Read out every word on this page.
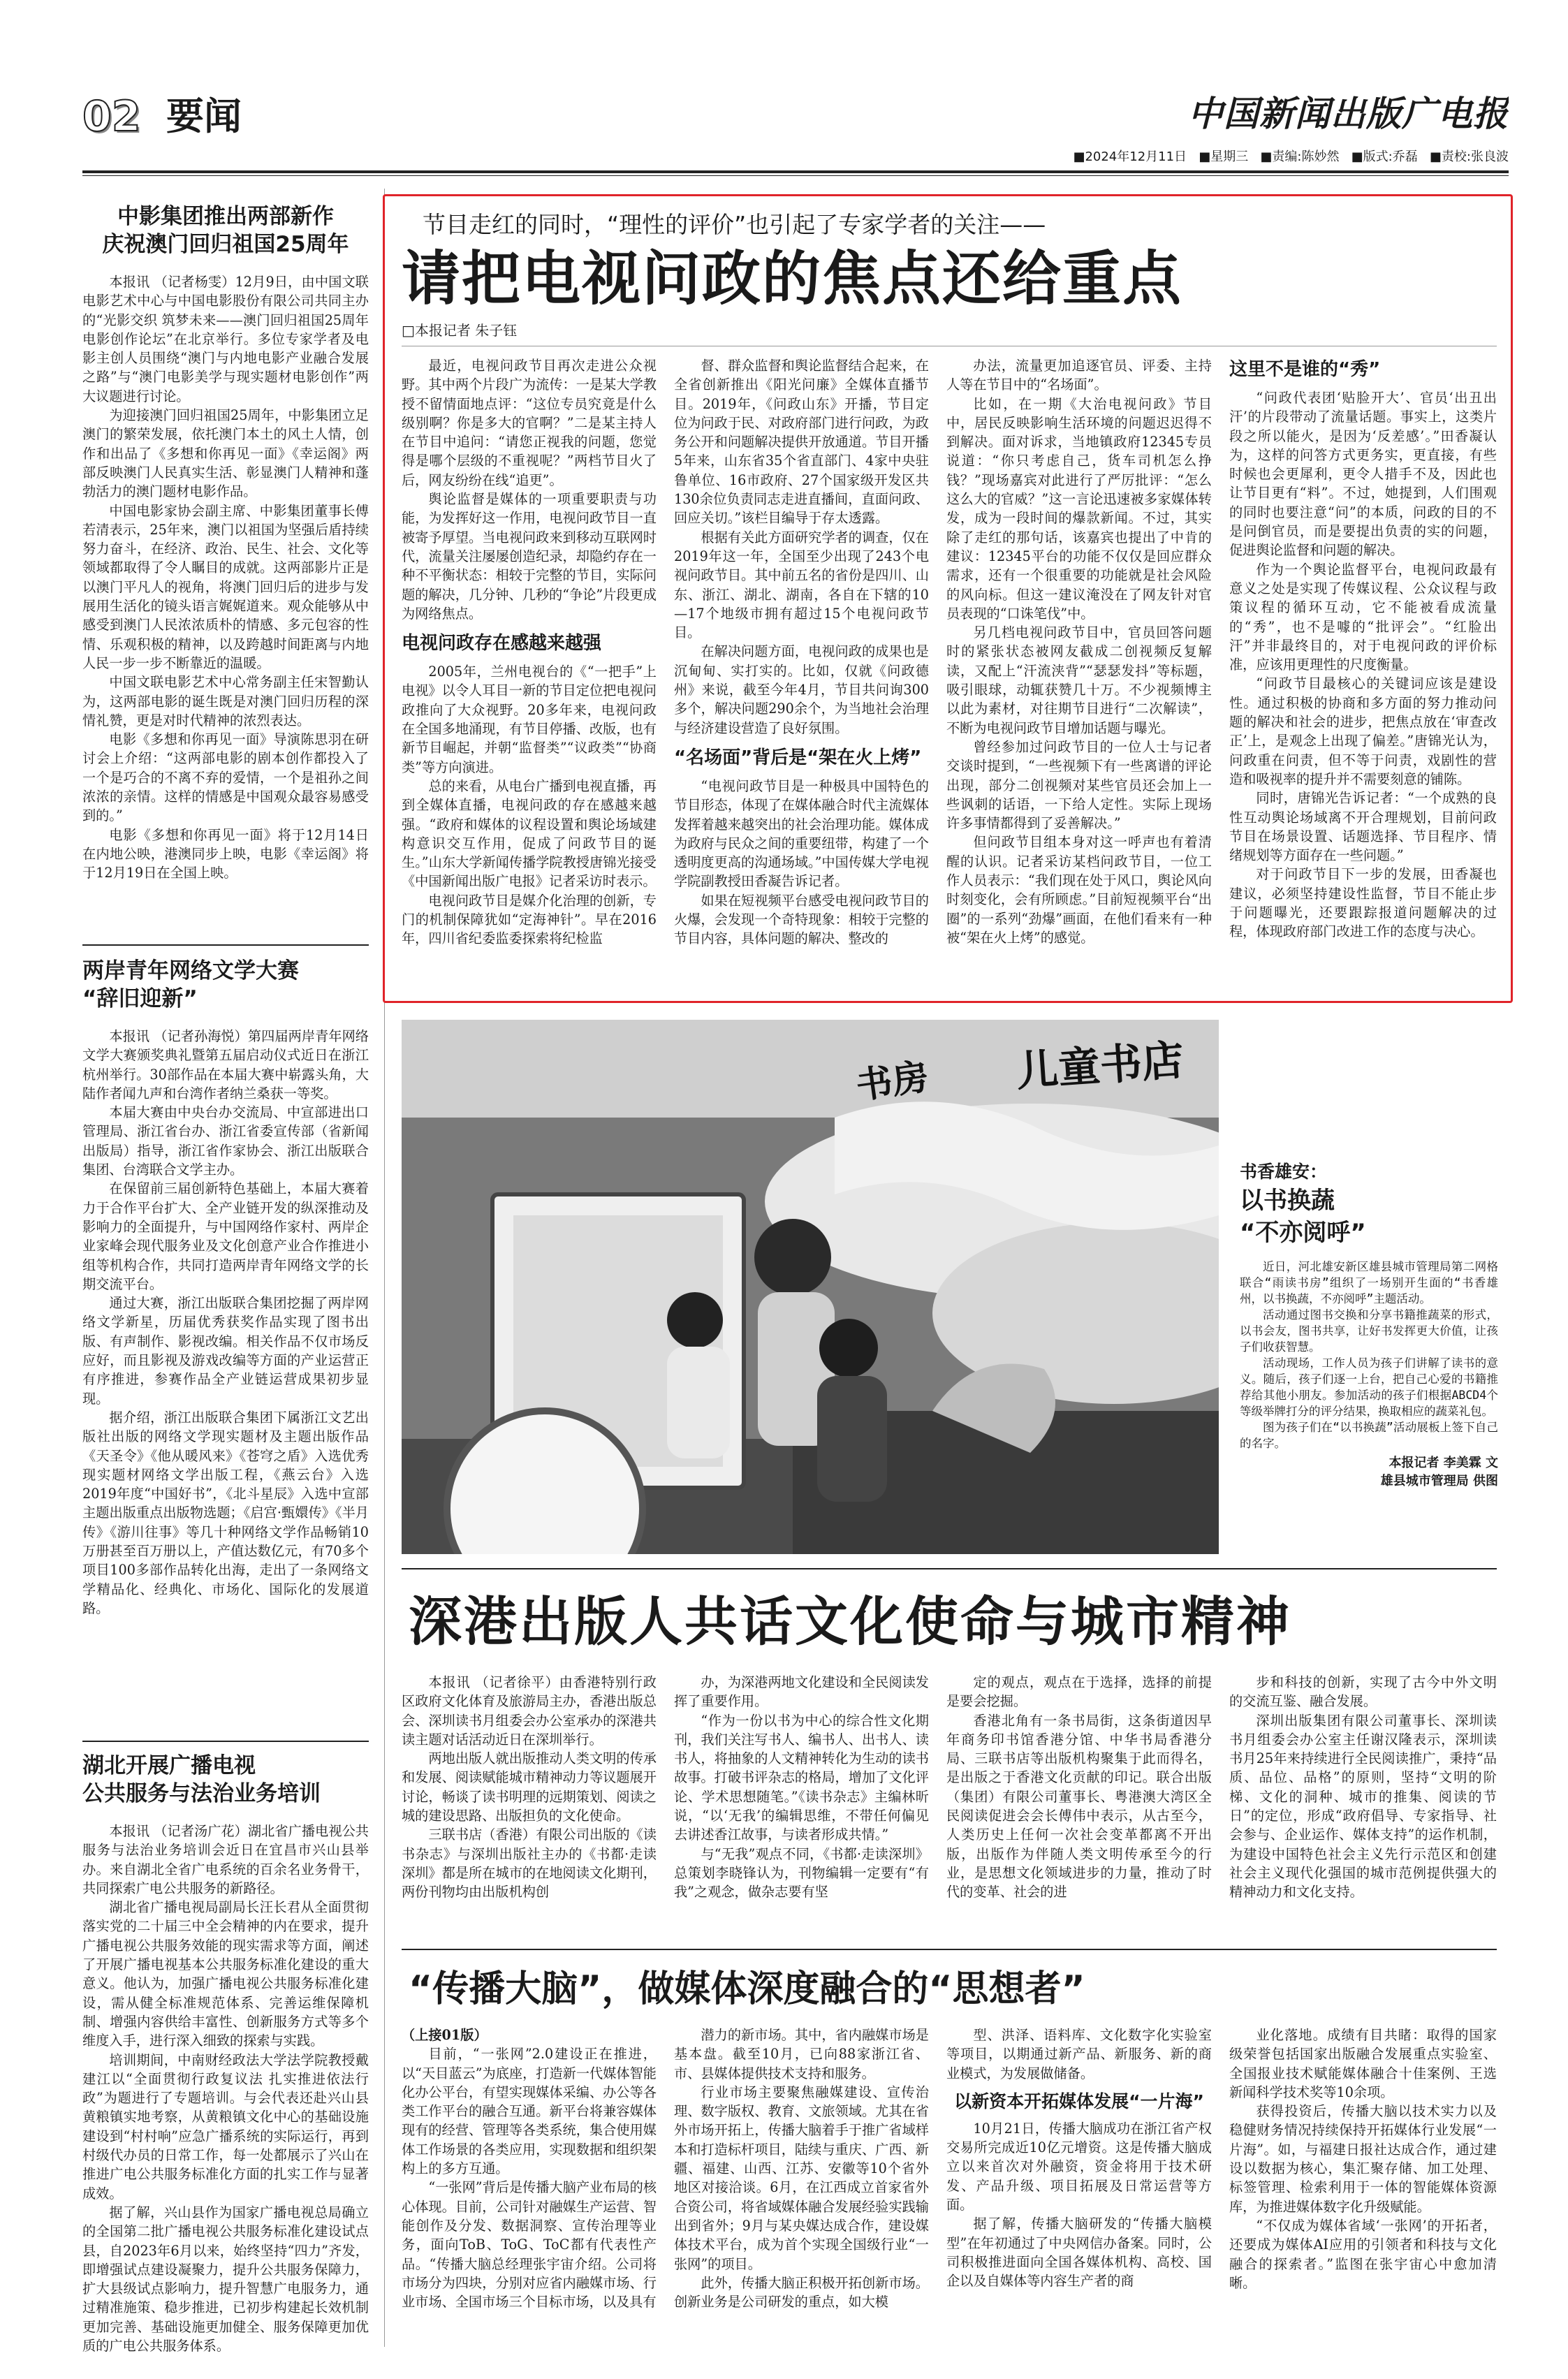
02 要闻	中国新闻出版广电报
■2024年12月11日 ■星期三 ■责编:陈妙然 ■版式:乔磊 ■责校:张良波
中影集团推出两部新作
庆祝澳门回归祖国25周年
本报讯 （记者杨雯）12月9日，由中国文联电影艺术中心与中国电影股份有限公司共同主办的“光影交织 筑梦未来——澳门回归祖国25周年电影创作论坛”在北京举行。多位专家学者及电影主创人员围绕“澳门与内地电影产业融合发展之路”与“澳门电影美学与现实题材电影创作”两大议题进行讨论。
为迎接澳门回归祖国25周年，中影集团立足澳门的繁荣发展，依托澳门本土的风土人情，创作和出品了《多想和你再见一面》《幸运阁》两部反映澳门人民真实生活、彰显澳门人精神和蓬勃活力的澳门题材电影作品。
中国电影家协会副主席、中影集团董事长傅若清表示，25年来，澳门以祖国为坚强后盾持续努力奋斗，在经济、政治、民生、社会、文化等领域都取得了令人瞩目的成就。这两部影片正是以澳门平凡人的视角，将澳门回归后的进步与发展用生活化的镜头语言娓娓道来。观众能够从中感受到澳门人民浓浓质朴的情感、多元包容的性情、乐观积极的精神，以及跨越时间距离与内地人民一步一步不断靠近的温暖。
中国文联电影艺术中心常务副主任宋智勤认为，这两部电影的诞生既是对澳门回归历程的深情礼赞，更是对时代精神的浓烈表达。
电影《多想和你再见一面》导演陈思羽在研讨会上介绍：“这两部电影的剧本创作都投入了一个是巧合的不离不弃的爱情，一个是祖孙之间浓浓的亲情。这样的情感是中国观众最容易感受到的。”
电影《多想和你再见一面》将于12月14日在内地公映，港澳同步上映，电影《幸运阁》将于12月19日在全国上映。
两岸青年网络文学大赛
“辞旧迎新”
本报讯 （记者孙海悦）第四届两岸青年网络文学大赛颁奖典礼暨第五届启动仪式近日在浙江杭州举行。30部作品在本届大赛中崭露头角，大陆作者闻九声和台湾作者纳兰桑获一等奖。
本届大赛由中央台办交流局、中宣部进出口管理局、浙江省台办、浙江省委宣传部（省新闻出版局）指导，浙江省作家协会、浙江出版联合集团、台湾联合文学主办。
在保留前三届创新特色基础上，本届大赛着力于合作平台扩大、全产业链开发的纵深推动及影响力的全面提升，与中国网络作家村、两岸企业家峰会现代服务业及文化创意产业合作推进小组等机构合作，共同打造两岸青年网络文学的长期交流平台。
通过大赛，浙江出版联合集团挖掘了两岸网络文学新星，历届优秀获奖作品实现了图书出版、有声制作、影视改编。相关作品不仅市场反应好，而且影视及游戏改编等方面的产业运营正有序推进，参赛作品全产业链运营成果初步显现。
据介绍，浙江出版联合集团下属浙江文艺出版社出版的网络文学现实题材及主题出版作品《天圣令》《他从暖风来》《苍穹之盾》入选优秀现实题材网络文学出版工程，《燕云台》入选2019年度“中国好书”，《北斗星辰》入选中宣部主题出版重点出版物选题；《启宫·甄嬛传》《半月传》《游川往事》等几十种网络文学作品畅销10万册甚至百万册以上，产值达数亿元，有70多个项目100多部作品转化出海，走出了一条网络文学精品化、经典化、市场化、国际化的发展道路。
湖北开展广播电视
公共服务与法治业务培训
本报讯 （记者汤广花）湖北省广播电视公共服务与法治业务培训会近日在宜昌市兴山县举办。来自湖北全省广电系统的百余名业务骨干，共同探索广电公共服务的新路径。
湖北省广播电视局副局长汪长君从全面贯彻落实党的二十届三中全会精神的内在要求，提升广播电视公共服务效能的现实需求等方面，阐述了开展广播电视基本公共服务标准化建设的重大意义。他认为，加强广播电视公共服务标准化建设，需从健全标准规范体系、完善运维保障机制、增强内容供给丰富性、创新服务方式等多个维度入手，进行深入细致的探索与实践。
培训期间，中南财经政法大学法学院教授戴建江以“全面贯彻行政复议法 扎实推进依法行政”为题进行了专题培训。与会代表还赴兴山县黄粮镇实地考察，从黄粮镇文化中心的基础设施建设到“村村响”应急广播系统的实际运行，再到村级代办员的日常工作，每一处都展示了兴山在推进广电公共服务标准化方面的扎实工作与显著成效。
据了解，兴山县作为国家广播电视总局确立的全国第二批广播电视公共服务标准化建设试点县，自2023年6月以来，始终坚持“四力”齐发，即增强试点建设凝聚力，提升公共服务保障力，扩大县级试点影响力，提升智慧广电服务力，通过精准施策、稳步推进，已初步构建起长效机制更加完善、基础设施更加健全、服务保障更加优质的广电公共服务体系。
节目走红的同时，“理性的评价”也引起了专家学者的关注——
请把电视问政的焦点还给重点
□本报记者 朱子钰
最近，电视问政节目再次走进公众视野。其中两个片段广为流传：一是某大学教授不留情面地点评：“这位专员究竟是什么级别啊？你是多大的官啊？”二是某主持人在节目中追问：“请您正视我的问题，您觉得是哪个层级的不重视呢？”两档节目火了后，网友纷纷在线“追更”。
舆论监督是媒体的一项重要职责与功能，为发挥好这一作用，电视问政节目一直被寄予厚望。当电视问政来到移动互联网时代，流量关注屡屡创造纪录，却隐约存在一种不平衡状态：相较于完整的节目，实际问题的解决，几分钟、几秒的“争论”片段更成为网络焦点。
电视问政存在感越来越强
2005年，兰州电视台的《“一把手”上电视》以令人耳目一新的节目定位把电视问政推向了大众视野。20多年来，电视问政在全国多地涌现，有节目停播、改版，也有新节目崛起，并朝“监督类”“议政类”“协商类”等方向演进。
总的来看，从电台广播到电视直播，再到全媒体直播，电视问政的存在感越来越强。“政府和媒体的议程设置和舆论场域建构意识交互作用，促成了问政节目的诞生。”山东大学新闻传播学院教授唐锦光接受《中国新闻出版广电报》记者采访时表示。
电视问政节目是媒介化治理的创新，专门的机制保障犹如“定海神针”。早在2016年，四川省纪委监委探索将纪检监
督、群众监督和舆论监督结合起来，在全省创新推出《阳光问廉》全媒体直播节目。2019年，《问政山东》开播，节目定位为问政于民、对政府部门进行问政，为政务公开和问题解决提供开放通道。节目开播5年来，山东省35个省直部门、4家中央驻鲁单位、16市政府、27个国家级开发区共130余位负责同志走进直播间，直面问政、回应关切。”该栏目编导于存太透露。
根据有关此方面研究学者的调查，仅在2019年这一年，全国至少出现了243个电视问政节目。其中前五名的省份是四川、山东、浙江、湖北、湖南，各自在下辖的10—17个地级市拥有超过15个电视问政节目。
在解决问题方面，电视问政的成果也是沉甸甸、实打实的。比如，仅就《问政德州》来说，截至今年4月，节目共问询300多个，解决问题290余个，为当地社会治理与经济建设营造了良好氛围。
“名场面”背后是“架在火上烤”
“电视问政节目是一种极具中国特色的节目形态，体现了在媒体融合时代主流媒体发挥着越来越突出的社会治理功能。媒体成为政府与民众之间的重要纽带，构建了一个透明度更高的沟通场域。”中国传媒大学电视学院副教授田香凝告诉记者。
如果在短视频平台感受电视问政节目的火爆，会发现一个奇特现象：相较于完整的节目内容，具体问题的解决、整改的
办法，流量更加追逐官员、评委、主持人等在节目中的“名场面”。
比如，在一期《大治电视问政》节目中，居民反映影响生活环境的问题迟迟得不到解决。面对诉求，当地镇政府12345专员说道：“你只考虑自己，货车司机怎么挣钱？”现场嘉宾对此进行了严厉批评：“怎么这么大的官威？”这一言论迅速被多家媒体转发，成为一段时间的爆款新闻。不过，其实除了走红的那句话，该嘉宾也提出了中肯的建议：12345平台的功能不仅仅是回应群众需求，还有一个很重要的功能就是社会风险的风向标。但这一建议淹没在了网友针对官员表现的“口诛笔伐”中。
另几档电视问政节目中，官员回答问题时的紧张状态被网友截成二创视频反复解读，又配上“汗流浃背”“瑟瑟发抖”等标题，吸引眼球，动辄获赞几十万。不少视频博主以此为素材，对往期节目进行“二次解读”，不断为电视问政节目增加话题与曝光。
曾经参加过问政节目的一位人士与记者交谈时提到，“一些视频下有一些离谱的评论出现，部分二创视频对某些官员还会加上一些讽刺的话语，一下给人定性。实际上现场许多事情都得到了妥善解决。”
但问政节目组本身对这一呼声也有着清醒的认识。记者采访某档问政节目，一位工作人员表示：“我们现在处于风口，舆论风向时刻变化，会有所顾虑。”目前短视频平台“出圈”的一系列“劲爆”画面，在他们看来有一种被“架在火上烤”的感觉。
这里不是谁的“秀”
“问政代表团‘贴脸开大’、官员‘出丑出汗’的片段带动了流量话题。事实上，这类片段之所以能火，是因为‘反差感’。”田香凝认为，这样的问答方式更务实，更直接，有些时候也会更犀利，更令人措手不及，因此也让节目更有“料”。不过，她提到，人们围观的同时也要注意“问”的本质，问政的目的不是问倒官员，而是要提出负责的实的问题，促进舆论监督和问题的解决。
作为一个舆论监督平台，电视问政最有意义之处是实现了传媒议程、公众议程与政策议程的循环互动，它不能被看成流量的“秀”，也不是噱的“批评会”。“红脸出汗”并非最终目的，对于电视问政的评价标准，应该用更理性的尺度衡量。
“问政节目最核心的关键词应该是建设性。通过积极的协商和多方面的努力推动问题的解决和社会的进步，把焦点放在‘审查改正’上，是观念上出现了偏差。”唐锦光认为，问政重在问责，但不等于问责，戏剧性的营造和吸视率的提升并不需要刻意的铺陈。
同时，唐锦光告诉记者：“一个成熟的良性互动舆论场域离不开合理规划，目前问政节目在场景设置、话题选择、节目程序、情绪规划等方面存在一些问题。”
对于问政节目下一步的发展，田香凝也建议，必须坚持建设性监督，节目不能止步于问题曝光，还要跟踪报道问题解决的过程，体现政府部门改进工作的态度与决心。
书房	儿童书店
书香雄安：
以书换蔬
“不亦阅呼”
近日，河北雄安新区雄县城市管理局第二网格联合“雨读书房”组织了一场别开生面的“书香雄州，以书换蔬，不亦阅呼”主题活动。
活动通过图书交换和分享书籍推蔬菜的形式，以书会友，图书共享，让好书发挥更大价值，让孩子们收获智慧。
活动现场，工作人员为孩子们讲解了读书的意义。随后，孩子们逐一上台，把自己心爱的书籍推荐给其他小朋友。参加活动的孩子们根据ABCD4个等级举牌打分的评分结果，换取相应的蔬菜礼包。
图为孩子们在“以书换蔬”活动展板上签下自己的名字。
本报记者 李美霖 文
雄县城市管理局 供图
深港出版人共话文化使命与城市精神
本报讯 （记者徐平）由香港特别行政区政府文化体育及旅游局主办，香港出版总会、深圳读书月组委会办公室承办的深港共读主题对话活动近日在深圳举行。
两地出版人就出版推动人类文明的传承和发展、阅读赋能城市精神动力等议题展开讨论，畅谈了读书明理的远期策划、阅读之城的建设思路、出版担负的文化使命。
三联书店（香港）有限公司出版的《读书杂志》与深圳出版社主办的《书都·走读深圳》都是所在城市的在地阅读文化期刊，两份刊物均由出版机构创
办，为深港两地文化建设和全民阅读发挥了重要作用。
“作为一份以书为中心的综合性文化期刊，我们关注写书人、编书人、出书人、读书人，将抽象的人文精神转化为生动的读书故事。打破书评杂志的格局，增加了文化评论、学术思想随笔。”《读书杂志》主编林昕说，“以‘无我’的编辑思维，不带任何偏见去讲述香江故事，与读者形成共情。”
与“无我”观点不同，《书都·走读深圳》总策划李晓锋认为，刊物编辑一定要有“有我”之观念，做杂志要有坚
定的观点，观点在于选择，选择的前提是要会挖掘。
香港北角有一条书局街，这条街道因早年商务印书馆香港分馆、中华书局香港分局、三联书店等出版机构聚集于此而得名，是出版之于香港文化贡献的印记。联合出版（集团）有限公司董事长、粤港澳大湾区全民阅读促进会会长傅伟中表示，从古至今，人类历史上任何一次社会变革都离不开出版，出版作为伴随人类文明传承至今的行业，是思想文化领域进步的力量，推动了时代的变革、社会的进
步和科技的创新，实现了古今中外文明的交流互鉴、融合发展。
深圳出版集团有限公司董事长、深圳读书月组委会办公室主任谢汉隆表示，深圳读书月25年来持续进行全民阅读推广，秉持“品质、品位、品格”的原则，坚持“文明的阶梯、文化的洞种、城市的推集、阅读的节日”的定位，形成“政府倡导、专家指导、社会参与、企业运作、媒体支持”的运作机制，为建设中国特色社会主义先行示范区和创建社会主义现代化强国的城市范例提供强大的精神动力和文化支持。
“传播大脑”，做媒体深度融合的“思想者”
（上接01版）
目前，“一张网”2.0建设正在推进，以“天目蓝云”为底座，打造新一代媒体智能化办公平台，有望实现媒体采编、办公等各类工作平台的融合互通。新平台将兼容媒体现有的经营、管理等各类系统，集合使用媒体工作场景的各类应用，实现数据和组织架构上的多方互通。
“一张网”背后是传播大脑产业布局的核心体现。目前，公司针对融媒生产运营、智能创作及分发、数据洞察、宣传治理等业务，面向ToB、ToG、ToC都有代表性产品。“传播大脑总经理张宇宙介绍。公司将市场分为四块，分别对应省内融媒市场、行业市场、全国市场三个目标市场，以及具有
潜力的新市场。其中，省内融媒市场是基本盘。截至10月，已向88家浙江省、市、县媒体提供技术支持和服务。
行业市场主要聚焦融媒建设、宣传治理、数字版权、教育、文旅领域。尤其在省外市场开拓上，传播大脑着手于推广省域样本和打造标杆项目，陆续与重庆、广西、新疆、福建、山西、江苏、安徽等10个省外地区对接洽谈。6月，在江西成立首家省外合资公司，将省域媒体融合发展经验实践输出到省外；9月与某央媒达成合作，建设媒体技术平台，成为首个实现全国级行业“一张网”的项目。
此外，传播大脑正积极开拓创新市场。创新业务是公司研发的重点，如大模
型、洪泽、语料库、文化数字化实验室等项目，以期通过新产品、新服务、新的商业模式，为发展做储备。
以新资本开拓媒体发展“一片海”
10月21日，传播大脑成功在浙江省产权交易所完成近10亿元增资。这是传播大脑成立以来首次对外融资，资金将用于技术研发、产品升级、项目拓展及日常运营等方面。
据了解，传播大脑研发的“传播大脑模型”在年初通过了中央网信办备案。同时，公司积极推进面向全国各媒体机构、高校、国企以及自媒体等内容生产者的商
业化落地。成绩有目共睹：取得的国家级荣誉包括国家出版融合发展重点实验室、全国报业技术赋能媒体融合十佳案例、王选新闻科学技术奖等10余项。
获得投资后，传播大脑以技术实力以及稳健财务情况持续保持开拓媒体行业发展“一片海”。如，与福建日报社达成合作，通过建设以数据为核心，集汇聚存储、加工处理、标签管理、检索利用于一体的智能媒体资源库，为推进媒体数字化升级赋能。
“不仅成为媒体省域‘一张网’的开拓者，还要成为媒体AI应用的引领者和科技与文化融合的探索者。”监图在张宇宙心中愈加清晰。
